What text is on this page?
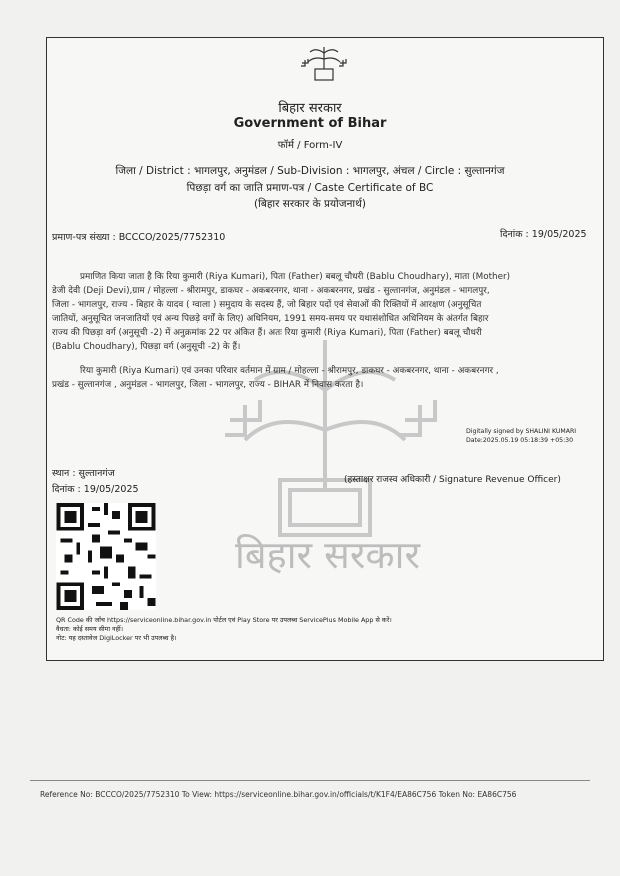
बिहार सरकार
बिहार सरकार
Government of Bihar
फॉर्म / Form-IV
जिला / District : भागलपुर, अनुमंडल / Sub-Division : भागलपुर, अंचल / Circle : सुल्तानगंज
पिछड़ा वर्ग का जाति प्रमाण-पत्र / Caste Certificate of BC
(बिहार सरकार के प्रयोजनार्थ)
प्रमाण-पत्र संख्या : BCCCO/2025/7752310	दिनांक : 19/05/2025
प्रमाणित किया जाता है कि रिया कुमारी (Riya Kumari), पिता (Father) बबलू चौधरी (Bablu Choudhary), माता (Mother)
डेजी देवी (Deji Devi),ग्राम / मोहल्ला - श्रीरामपुर, डाकघर - अकबरनगर, थाना - अकबरनगर, प्रखंड - सुल्तानगंज, अनुमंडल - भागलपुर,
जिला - भागलपुर, राज्य - बिहार के यादव ( ग्वाला ) समुदाय के सदस्य हैं, जो बिहार पदों एवं सेवाओं की रिक्तियों में आरक्षण (अनुसूचित
जातियों, अनुसूचित जनजातियों एवं अन्य पिछड़े वर्गों के लिए) अधिनियम, 1991 समय-समय पर यथासंशोधित अधिनियम के अंतर्गत बिहार
राज्य की पिछड़ा वर्ग (अनुसूची -2) में अनुक्रमांक 22 पर अंकित हैं। अतः रिया कुमारी (Riya Kumari), पिता (Father) बबलू चौधरी
(Bablu Choudhary), पिछड़ा वर्ग (अनुसूची -2) के हैं।
रिया कुमारी (Riya Kumari) एवं उनका परिवार वर्तमान में ग्राम / मोहल्ला - श्रीरामपुर, डाकघर - अकबरनगर, थाना - अकबरनगर ,
प्रखंड - सुल्तानगंज , अनुमंडल - भागलपुर, जिला - भागलपुर, राज्य - BIHAR में निवास करता है।
Digitally signed by SHALINI KUMARI
Date:2025.05.19 05:18:39 +05:30
स्थान : सुल्तानगंज
दिनांक : 19/05/2025
(हस्ताक्षर राजस्व अधिकारी / Signature Revenue Officer)
QR Code की जाँच https://serviceonline.bihar.gov.in पोर्टल एवं Play Store पर उपलब्ध ServicePlus Mobile App से करें।
वैधता: कोई समय सीमा नहीं।
नोट: यह दस्तावेज DigiLocker पर भी उपलब्ध है।
Reference No: BCCCO/2025/7752310 To View: https://serviceonline.bihar.gov.in/officials/t/K1F4/EA86C756 Token No: EA86C756
